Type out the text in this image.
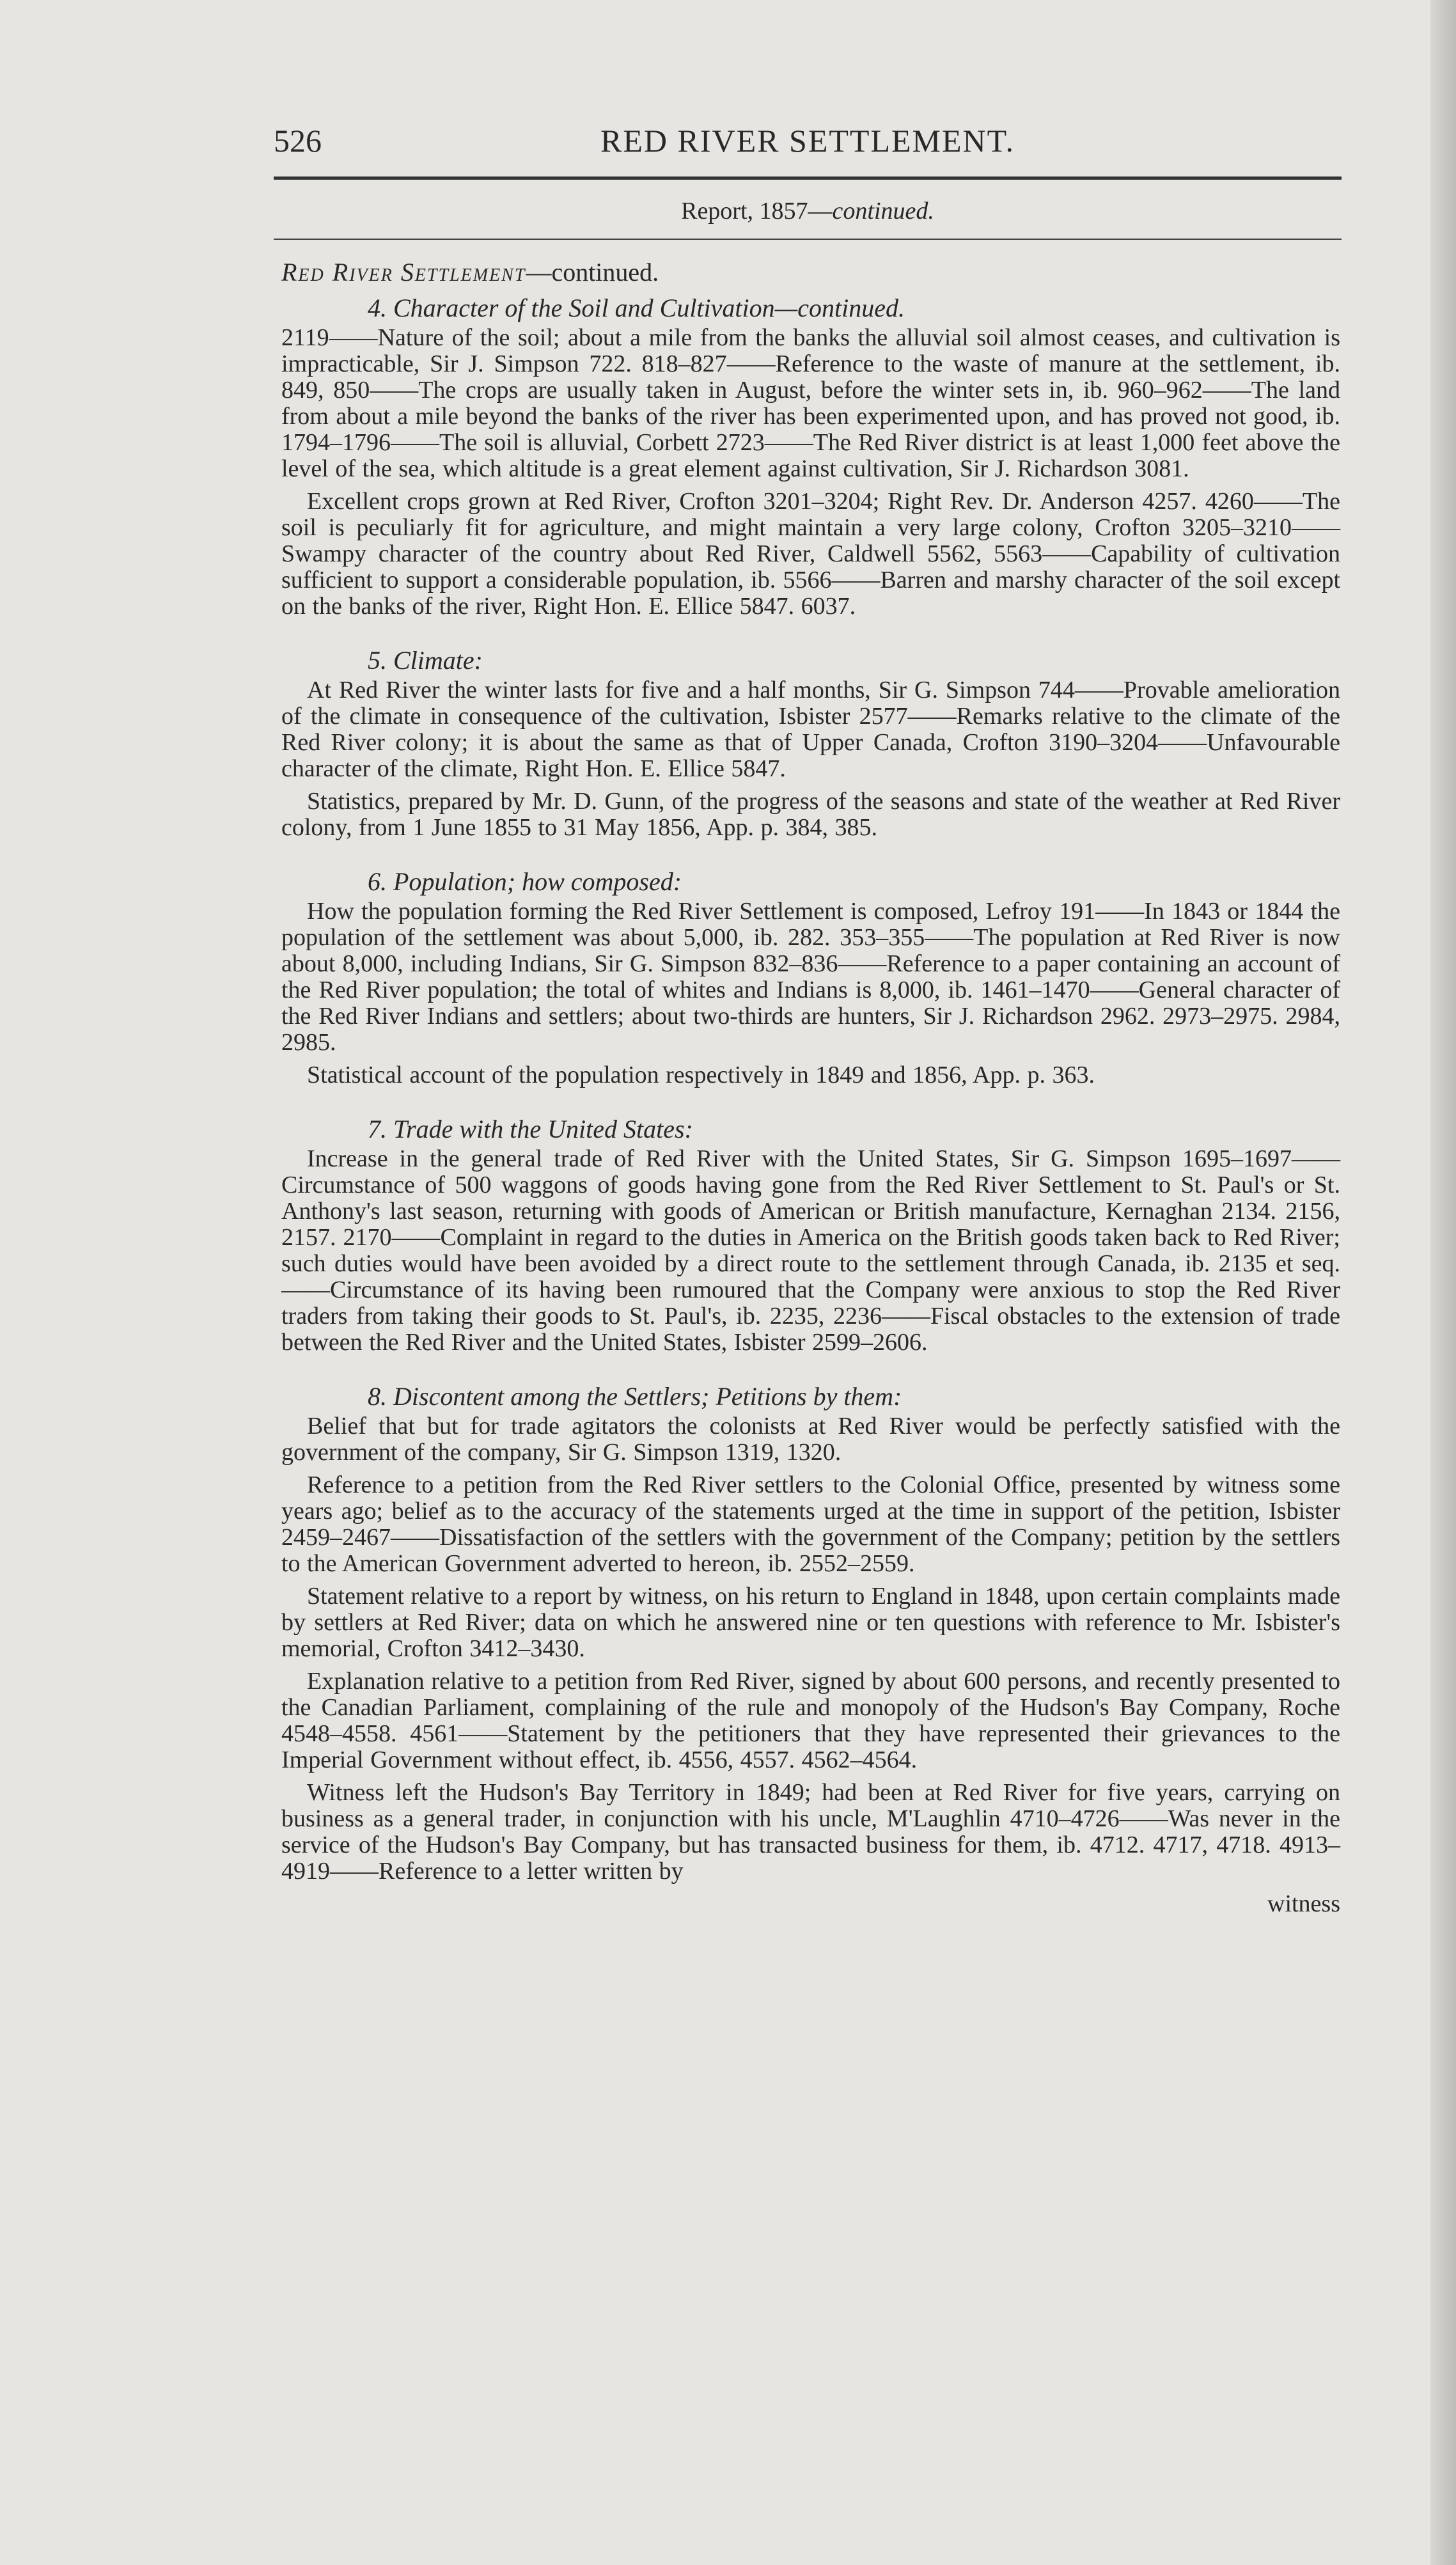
526	RED RIVER SETTLEMENT.
Report, 1857—continued.

Red River Settlement—continued.

4. Character of the Soil and Cultivation—continued.

2119——Nature of the soil; about a mile from the banks the alluvial soil almost ceases, and cultivation is impracticable, Sir J. Simpson 722. 818–827——Reference to the waste of manure at the settlement, ib. 849, 850——The crops are usually taken in August, before the winter sets in, ib. 960–962——The land from about a mile beyond the banks of the river has been experimented upon, and has proved not good, ib. 1794–1796——The soil is alluvial, Corbett 2723——The Red River district is at least 1,000 feet above the level of the sea, which altitude is a great element against cultivation, Sir J. Richardson 3081.

Excellent crops grown at Red River, Crofton 3201–3204; Right Rev. Dr. Anderson 4257. 4260——The soil is peculiarly fit for agriculture, and might maintain a very large colony, Crofton 3205–3210——Swampy character of the country about Red River, Caldwell 5562, 5563——Capability of cultivation sufficient to support a considerable population, ib. 5566——Barren and marshy character of the soil except on the banks of the river, Right Hon. E. Ellice 5847. 6037.

5. Climate:

At Red River the winter lasts for five and a half months, Sir G. Simpson 744——Provable amelioration of the climate in consequence of the cultivation, Isbister 2577——Remarks relative to the climate of the Red River colony; it is about the same as that of Upper Canada, Crofton 3190–3204——Unfavourable character of the climate, Right Hon. E. Ellice 5847.

Statistics, prepared by Mr. D. Gunn, of the progress of the seasons and state of the weather at Red River colony, from 1 June 1855 to 31 May 1856, App. p. 384, 385.

6. Population; how composed:

How the population forming the Red River Settlement is composed, Lefroy 191——In 1843 or 1844 the population of the settlement was about 5,000, ib. 282. 353–355——The population at Red River is now about 8,000, including Indians, Sir G. Simpson 832–836——Reference to a paper containing an account of the Red River population; the total of whites and Indians is 8,000, ib. 1461–1470——General character of the Red River Indians and settlers; about two-thirds are hunters, Sir J. Richardson 2962. 2973–2975. 2984, 2985.

Statistical account of the population respectively in 1849 and 1856, App. p. 363.

7. Trade with the United States:

Increase in the general trade of Red River with the United States, Sir G. Simpson 1695–1697——Circumstance of 500 waggons of goods having gone from the Red River Settlement to St. Paul's or St. Anthony's last season, returning with goods of American or British manufacture, Kernaghan 2134. 2156, 2157. 2170——Complaint in regard to the duties in America on the British goods taken back to Red River; such duties would have been avoided by a direct route to the settlement through Canada, ib. 2135 et seq. ——Circumstance of its having been rumoured that the Company were anxious to stop the Red River traders from taking their goods to St. Paul's, ib. 2235, 2236——Fiscal obstacles to the extension of trade between the Red River and the United States, Isbister 2599–2606.

8. Discontent among the Settlers; Petitions by them:

Belief that but for trade agitators the colonists at Red River would be perfectly satisfied with the government of the company, Sir G. Simpson 1319, 1320.

Reference to a petition from the Red River settlers to the Colonial Office, presented by witness some years ago; belief as to the accuracy of the statements urged at the time in support of the petition, Isbister 2459–2467——Dissatisfaction of the settlers with the government of the Company; petition by the settlers to the American Government adverted to hereon, ib. 2552–2559.

Statement relative to a report by witness, on his return to England in 1848, upon certain complaints made by settlers at Red River; data on which he answered nine or ten questions with reference to Mr. Isbister's memorial, Crofton 3412–3430.

Explanation relative to a petition from Red River, signed by about 600 persons, and recently presented to the Canadian Parliament, complaining of the rule and monopoly of the Hudson's Bay Company, Roche 4548–4558. 4561——Statement by the petitioners that they have represented their grievances to the Imperial Government without effect, ib. 4556, 4557. 4562–4564.

Witness left the Hudson's Bay Territory in 1849; had been at Red River for five years, carrying on business as a general trader, in conjunction with his uncle, M'Laughlin 4710–4726——Was never in the service of the Hudson's Bay Company, but has transacted business for them, ib. 4712. 4717, 4718. 4913–4919——Reference to a letter written by

witness
